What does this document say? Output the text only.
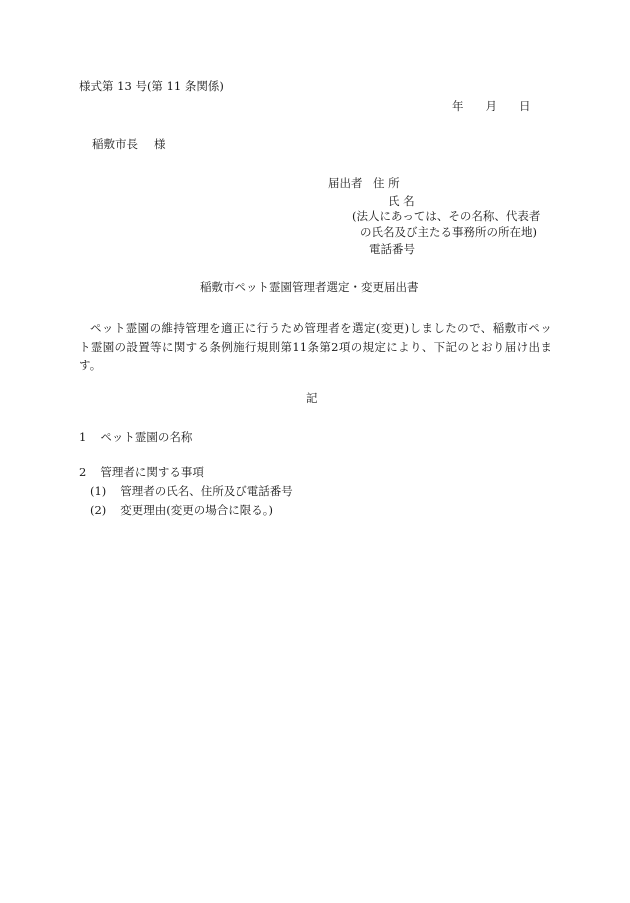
様式第 13 号(第 11 条関係)
年 月 日
稲敷市長 様
届出者 住 所
氏 名
(法人にあっては、その名称、代表者
の氏名及び主たる事務所の所在地)
電話番号
稲敷市ペット霊園管理者選定・変更届出書
ペット霊園の維持管理を適正に行うため管理者を選定(変更)しましたので、稲敷市ペット霊園の設置等に関する条例施行規則第11条第2項の規定により、下記のとおり届け出ます。
記
1 ペット霊園の名称
2 管理者に関する事項
(1) 管理者の氏名、住所及び電話番号
(2) 変更理由(変更の場合に限る。)
